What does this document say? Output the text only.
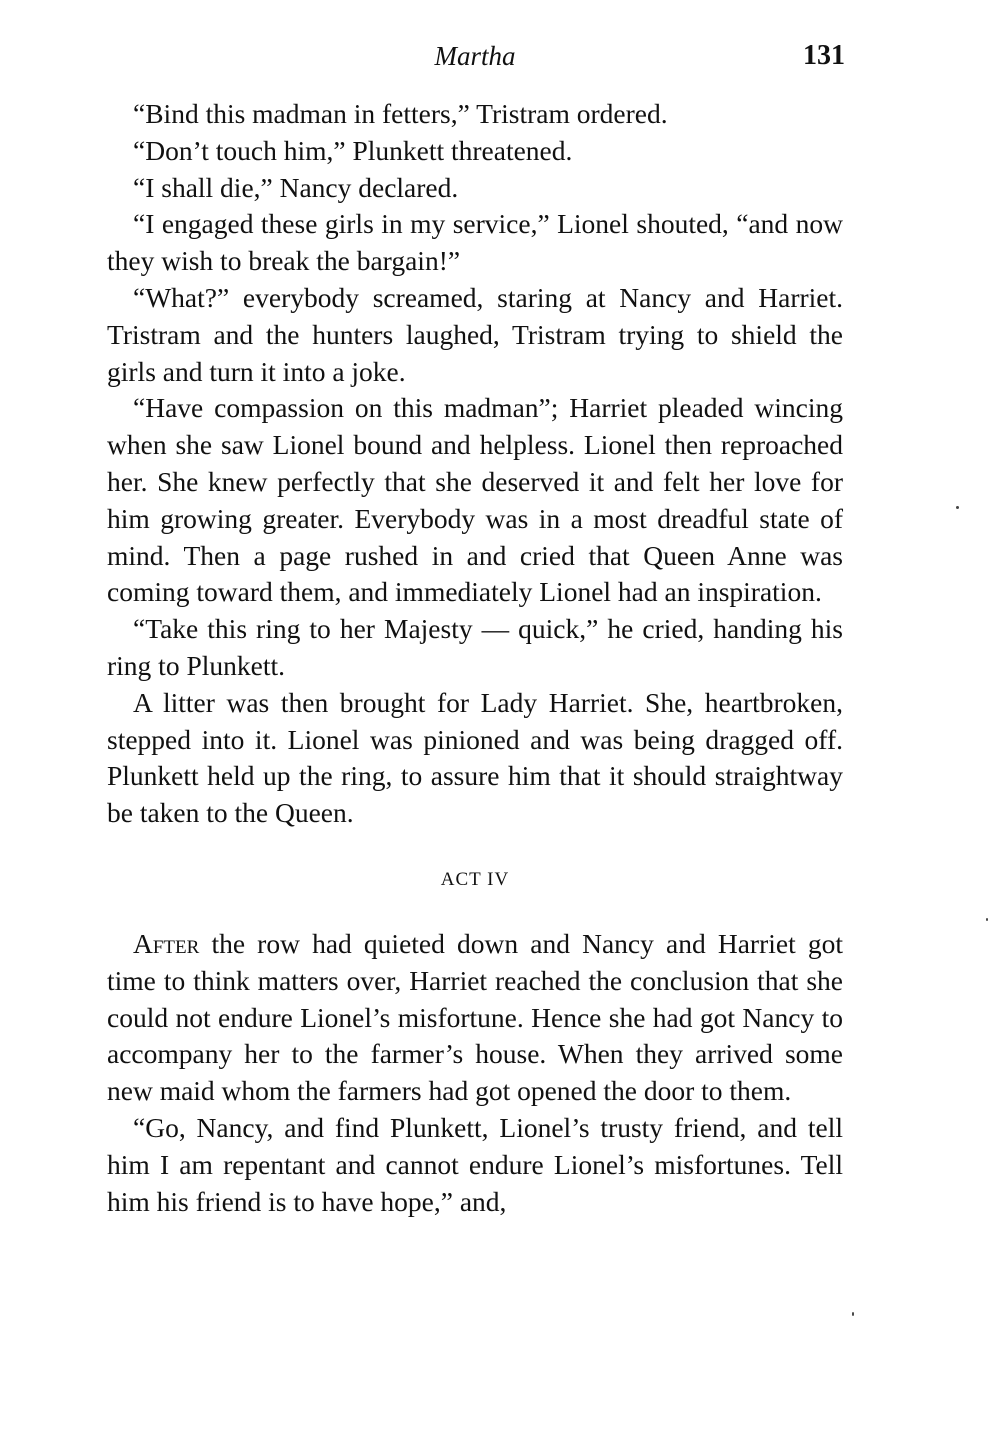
Martha	131

“Bind this madman in fetters,” Tristram ordered.

“Don’t touch him,” Plunkett threatened.

“I shall die,” Nancy declared.

“I engaged these girls in my service,” Lionel shouted, “and now they wish to break the bargain!”

“What?” everybody screamed, staring at Nancy and Harriet. Tristram and the hunters laughed, Tristram trying to shield the girls and turn it into a joke.

“Have compassion on this madman”; Harriet pleaded wincing when she saw Lionel bound and helpless. Lionel then reproached her. She knew perfectly that she deserved it and felt her love for him growing greater. Everybody was in a most dreadful state of mind. Then a page rushed in and cried that Queen Anne was coming toward them, and immediately Lionel had an inspiration.

“Take this ring to her Majesty — quick,” he cried, handing his ring to Plunkett.

A litter was then brought for Lady Harriet. She, heartbroken, stepped into it. Lionel was pinioned and was being dragged off. Plunkett held up the ring, to assure him that it should straightway be taken to the Queen.

ACT IV

After the row had quieted down and Nancy and Harriet got time to think matters over, Harriet reached the conclusion that she could not endure Lionel’s misfortune. Hence she had got Nancy to accompany her to the farmer’s house. When they arrived some new maid whom the farmers had got opened the door to them.

“Go, Nancy, and find Plunkett, Lionel’s trusty friend, and tell him I am repentant and cannot endure Lionel’s misfortunes. Tell him his friend is to have hope,” and,
